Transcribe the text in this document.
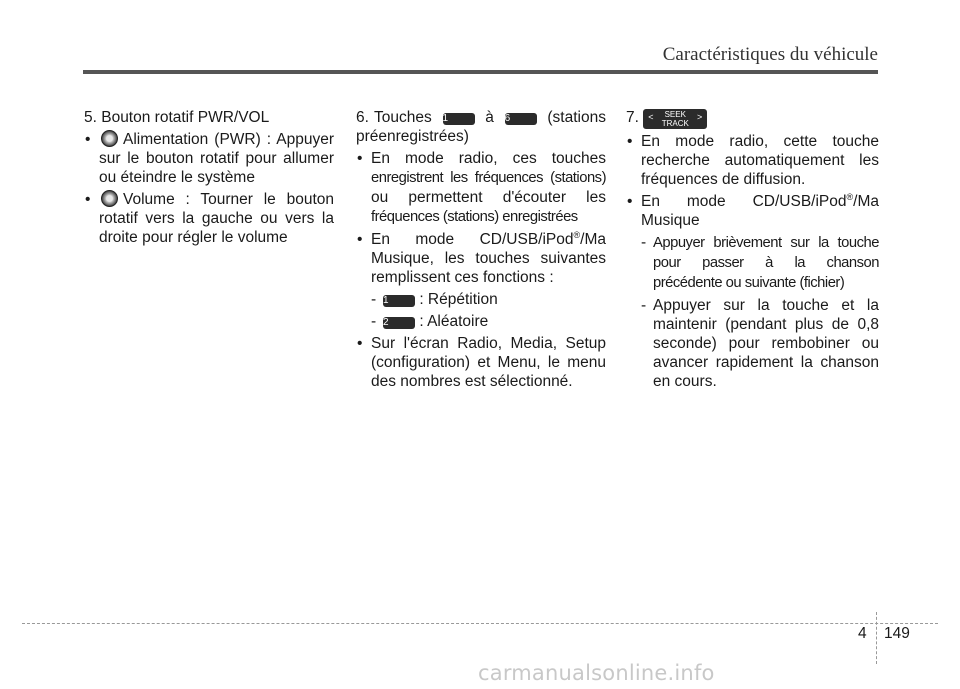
Caractéristiques du véhicule

5. Bouton rotatif PWR/VOL

• Alimentation (PWR) : Appuyer sur le bouton rotatif pour allumer ou éteindre le système
• Volume : Tourner le bouton rotatif vers la gauche ou vers la droite pour régler le volume

6. Touches 1 à 6 (stations préenregistrées)

• En mode radio, ces touches enregistrent les fréquences (stations) ou permettent d'écouter les fréquences (stations) enregistrées
• En mode CD/USB/iPod®/Ma Musique, les touches suivantes remplissent ces fonctions :
- 1 : Répétition
- 2 : Aléatoire
• Sur l'écran Radio, Media, Setup (configuration) et Menu, le menu des nombres est sélectionné.

7. <	SEEK
TRACK
>

• En mode radio, cette touche recherche automatiquement les fréquences de diffusion.
• En mode CD/USB/iPod®/Ma Musique
- Appuyer brièvement sur la touche pour passer à la chanson précédente ou suivante (fichier)
- Appuyer sur la touche et la maintenir (pendant plus de 0,8 seconde) pour rembobiner ou avancer rapidement la chanson en cours.
4 149
carmanualsonline.info
